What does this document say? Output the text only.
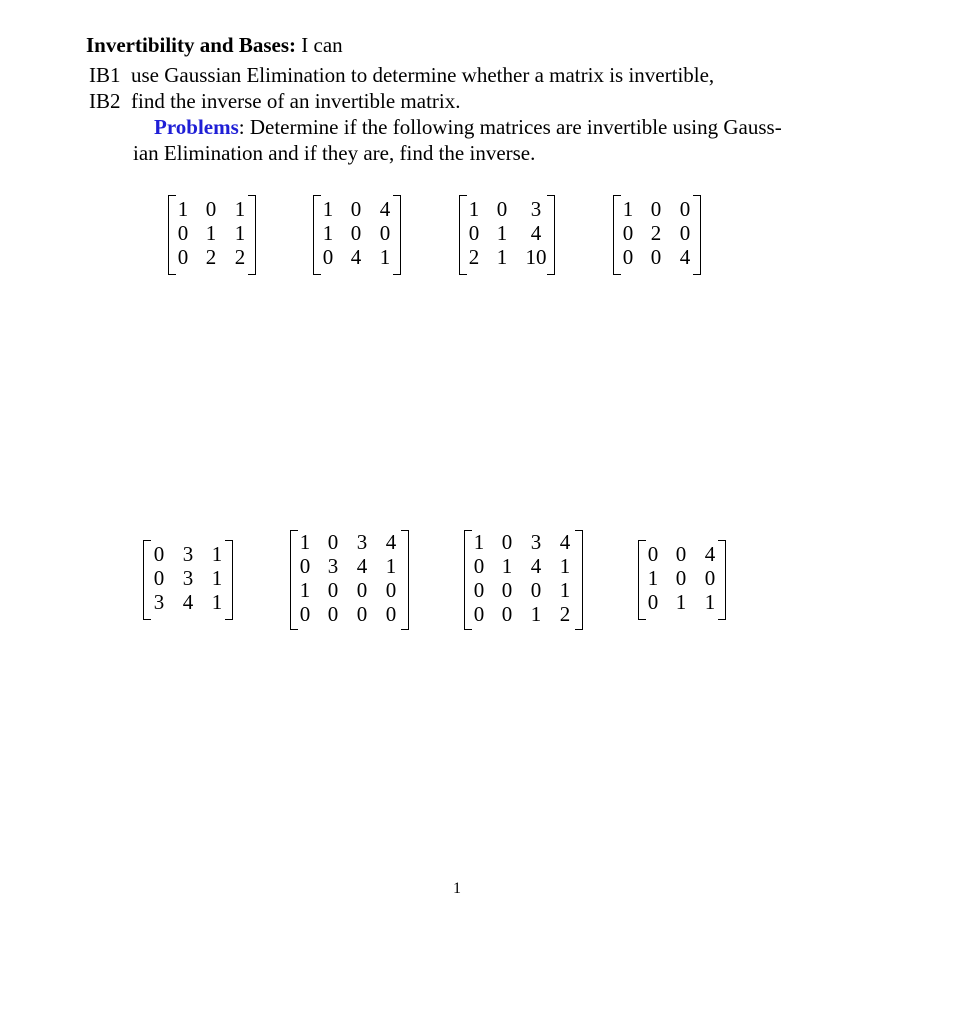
Invertibility and Bases: I can
IB1 use Gaussian Elimination to determine whether a matrix is invertible,
IB2 find the inverse of an invertible matrix.
Problems: Determine if the following matrices are invertible using Gauss-
ian Elimination and if they are, find the inverse.
1 0 1
0 1 1
0 2 2
1 0 4
1 0 0
0 4 1
1 0 3
0 1 4
2 1 10
1 0 0
0 2 0
0 0 4
0 3 1
0 3 1
3 4 1
1 0 3 4
0 3 4 1
1 0 0 0
0 0 0 0
1 0 3 4
0 1 4 1
0 0 0 1
0 0 1 2
0 0 4
1 0 0
0 1 1
1
